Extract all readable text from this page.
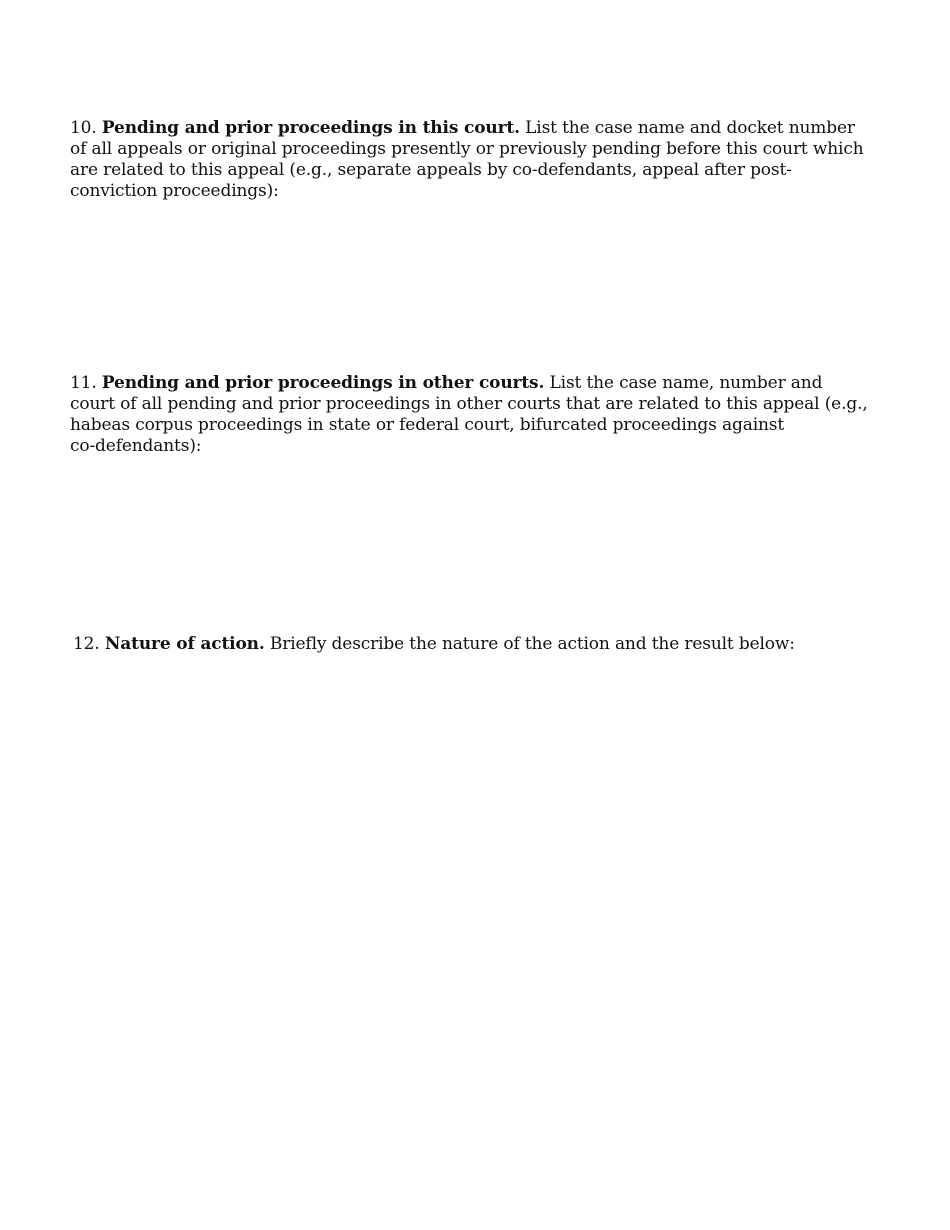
10. Pending and prior proceedings in this court. List the case name and docket number
of all appeals or original proceedings presently or previously pending before this court which
are related to this appeal (e.g., separate appeals by co-defendants, appeal after post-
conviction proceedings):
11. Pending and prior proceedings in other courts. List the case name, number and
court of all pending and prior proceedings in other courts that are related to this appeal (e.g.,
habeas corpus proceedings in state or federal court, bifurcated proceedings against
co-defendants):
12. Nature of action. Briefly describe the nature of the action and the result below:
